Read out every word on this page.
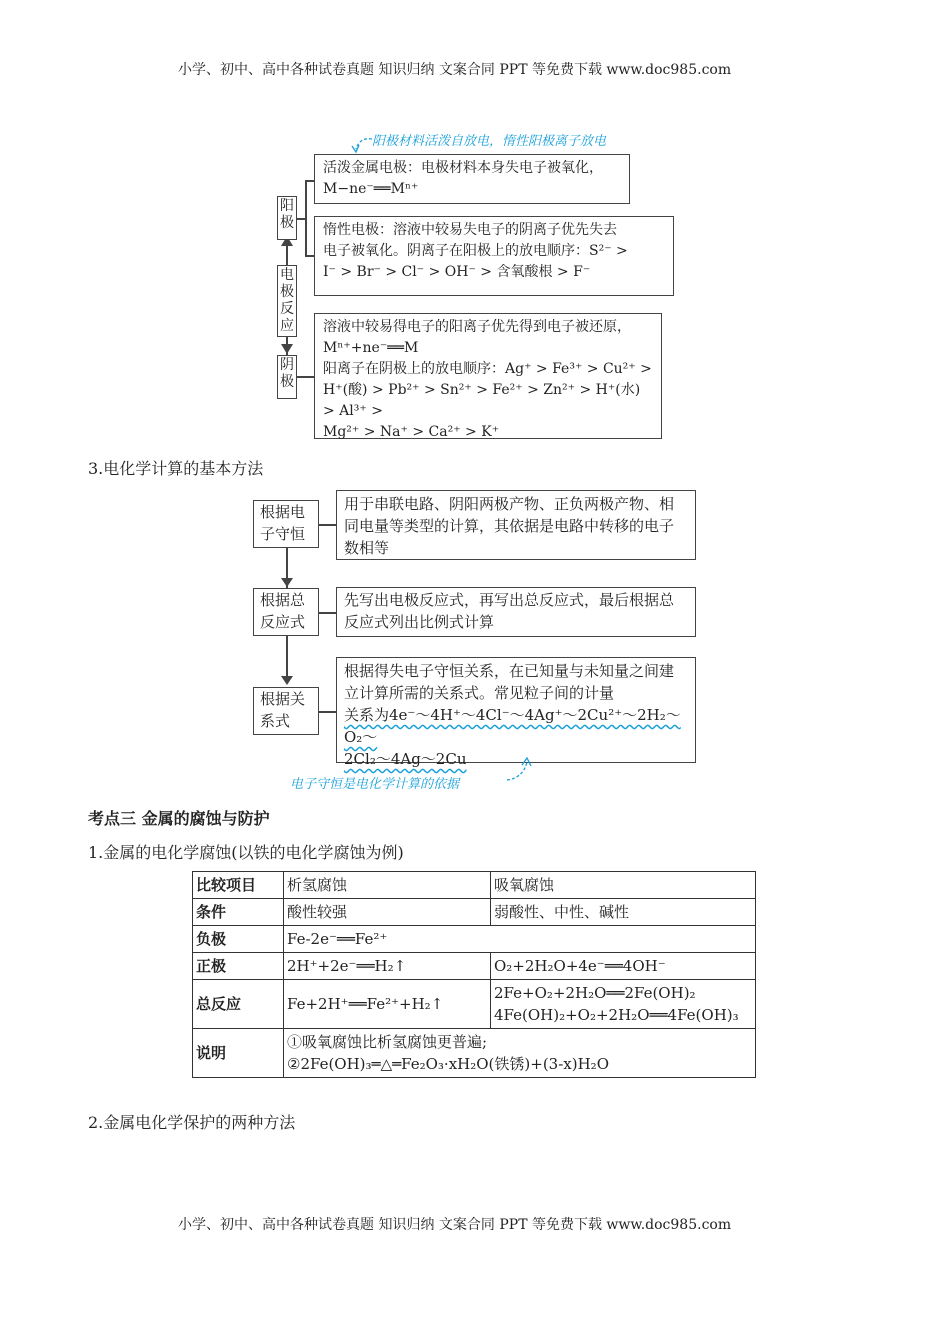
小学、初中、高中各种试卷真题 知识归纳 文案合同 PPT 等免费下载 www.doc985.com
阳极材料活泼自放电，惰性阳极离子放电
阳极
电极反应
阴极
活泼金属电极：电极材料本身失电子被氧化，
M−ne⁻══Mⁿ⁺
惰性电极：溶液中较易失电子的阴离子优先失去
电子被氧化。阴离子在阳极上的放电顺序：S²⁻ >
I⁻ > Br⁻ > Cl⁻ > OH⁻ > 含氧酸根 > F⁻
溶液中较易得电子的阳离子优先得到电子被还原，
Mⁿ⁺+ne⁻══M
阳离子在阴极上的放电顺序：Ag⁺ > Fe³⁺ > Cu²⁺ >
H⁺(酸) > Pb²⁺ > Sn²⁺ > Fe²⁺ > Zn²⁺ > H⁺(水) > Al³⁺ >
Mg²⁺ > Na⁺ > Ca²⁺ > K⁺
3.电化学计算的基本方法
根据电子守恒
用于串联电路、阴阳两极产物、正负两极产物、相同电量等类型的计算，其依据是电路中转移的电子数相等
根据总反应式
先写出电极反应式，再写出总反应式，最后根据总反应式列出比例式计算
根据关系式
根据得失电子守恒关系，在已知量与未知量之间建立计算所需的关系式。常见粒子间的计量
关系为4e⁻～4H⁺～4Cl⁻～4Ag⁺～2Cu²⁺～2H₂～O₂～
2Cl₂～4Ag～2Cu
电子守恒是电化学计算的依据
考点三 金属的腐蚀与防护
1.金属的电化学腐蚀(以铁的电化学腐蚀为例)
比较项目	析氢腐蚀	吸氧腐蚀
条件	酸性较强	弱酸性、中性、碱性
负极	Fe-2e⁻══Fe²⁺	
正极	2H⁺+2e⁻══H₂↑	O₂+2H₂O+4e⁻══4OH⁻
总反应	Fe+2H⁺══Fe²⁺+H₂↑	2Fe+O₂+2H₂O══2Fe(OH)₂
4Fe(OH)₂+O₂+2H₂O══4Fe(OH)₃

说明	①吸氧腐蚀比析氢腐蚀更普遍;
②2Fe(OH)₃═△═Fe₂O₃·xH₂O(铁锈)+(3-x)H₂O	
2.金属电化学保护的两种方法
小学、初中、高中各种试卷真题 知识归纳 文案合同 PPT 等免费下载 www.doc985.com
